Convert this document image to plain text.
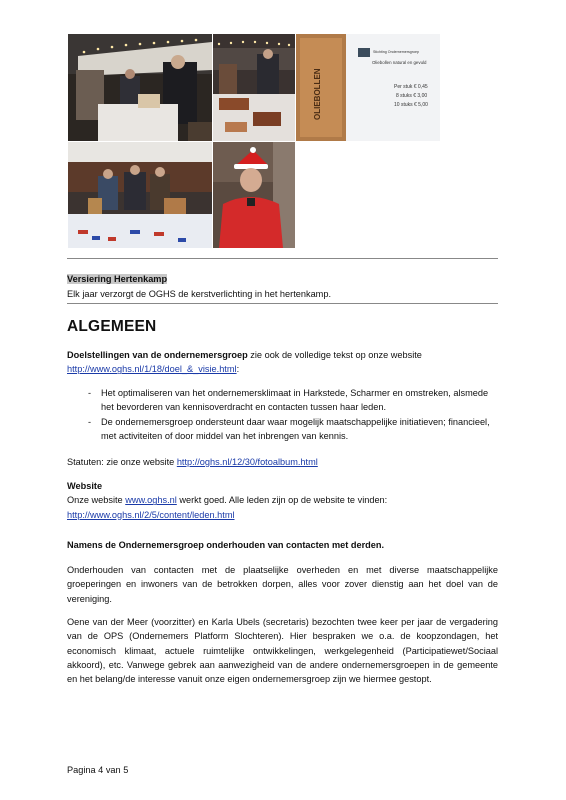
OLIEBOLLEN
Stichting Ondernemersgroep
Oliebollen natural en gevuld
Per stuk € 0,45
8 stuks € 3,00
10 stuks € 5,00
Versiering Hertenkamp
Elk jaar verzorgt de OGHS de kerstverlichting in het hertenkamp.
ALGEMEEN
Doelstellingen van de ondernemersgroep zie ook de volledige tekst op onze website
http://www.oghs.nl/1/18/doel_&_visie.html:
- Het optimaliseren van het ondernemersklimaat in Harkstede, Scharmer en omstreken, alsmede het bevorderen van kennisoverdracht en contacten tussen haar leden.
- De ondernemersgroep ondersteunt daar waar mogelijk maatschappelijke initiatieven; financieel, met activiteiten of door middel van het inbrengen van kennis.
Statuten: zie onze website http://oghs.nl/12/30/fotoalbum.html
Website
Onze website www.oghs.nl werkt goed. Alle leden zijn op de website te vinden:
http://www.oghs.nl/2/5/content/leden.html
Namens de Ondernemersgroep onderhouden van contacten met derden.
Onderhouden van contacten met de plaatselijke overheden en met diverse maatschappelijke groeperingen en inwoners van de betrokken dorpen, alles voor zover dienstig aan het doel van de vereniging.
Oene van der Meer (voorzitter) en Karla Ubels (secretaris) bezochten twee keer per jaar de vergadering van de OPS (Ondernemers Platform Slochteren). Hier bespraken we o.a. de koopzondagen, het economisch klimaat, actuele ruimtelijke ontwikkelingen, werkgelegenheid (Participatiewet/Sociaal akkoord), etc. Vanwege gebrek aan aanwezigheid van de andere ondernemersgroepen in de gemeente en het belang/de interesse vanuit onze eigen ondernemersgroep zijn we hiermee gestopt.
Pagina 4 van 5
